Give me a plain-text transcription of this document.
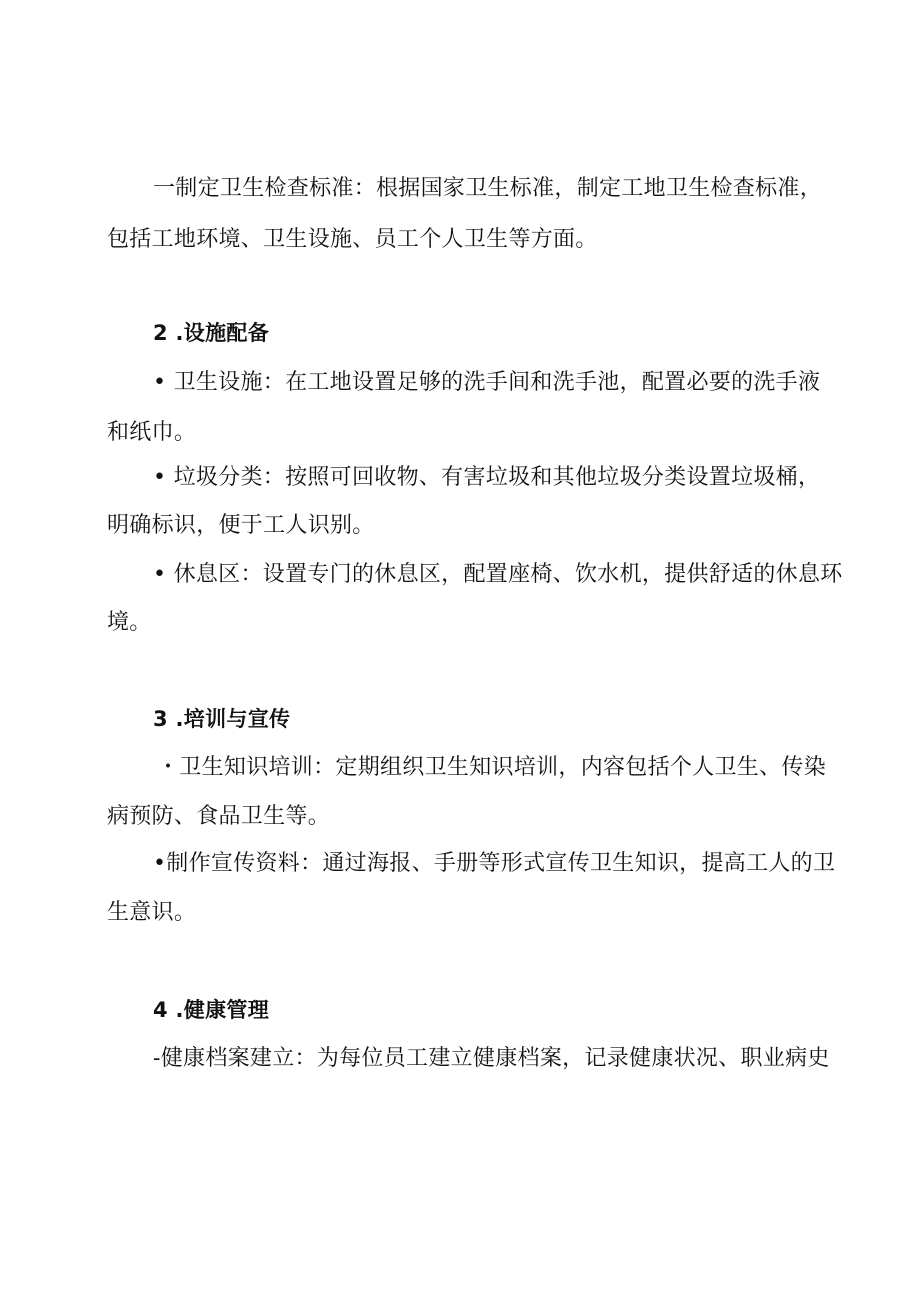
一制定卫生检查标准：根据国家卫生标准，制定工地卫生检查标准，
包括工地环境、卫生设施、员工个人卫生等方面。
2 .设施配备
• 卫生设施：在工地设置足够的洗手间和洗手池，配置必要的洗手液
和纸巾。
• 垃圾分类：按照可回收物、有害垃圾和其他垃圾分类设置垃圾桶，
明确标识，便于工人识别。
• 休息区：设置专门的休息区，配置座椅、饮水机，提供舒适的休息环
境。
3 .培训与宣传
・卫生知识培训：定期组织卫生知识培训，内容包括个人卫生、传染
病预防、食品卫生等。
•制作宣传资料：通过海报、手册等形式宣传卫生知识，提高工人的卫
生意识。
4 .健康管理
-健康档案建立：为每位员工建立健康档案，记录健康状况、职业病史
